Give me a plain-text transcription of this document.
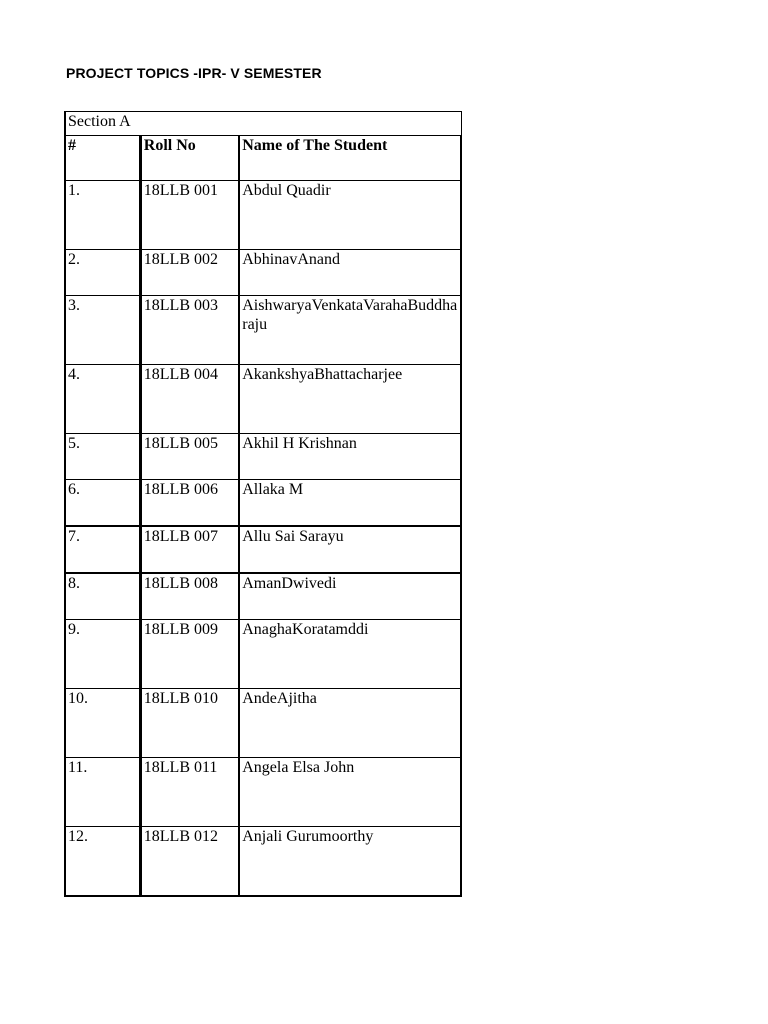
PROJECT TOPICS -IPR- V SEMESTER
Section A		
#	Roll No	Name of The Student
1.	18LLB 001	Abdul Quadir
2.	18LLB 002	AbhinavAnand
3.	18LLB 003	AishwaryaVenkataVarahaBuddharaju
4.	18LLB 004	AkankshyaBhattacharjee
5.	18LLB 005	Akhil H Krishnan
6.	18LLB 006	Allaka M
7.	18LLB 007	Allu Sai Sarayu
8.	18LLB 008	AmanDwivedi
9.	18LLB 009	AnaghaKoratamddi
10.	18LLB 010	AndeAjitha
11.	18LLB 011	Angela Elsa John
12.	18LLB 012	Anjali Gurumoorthy
